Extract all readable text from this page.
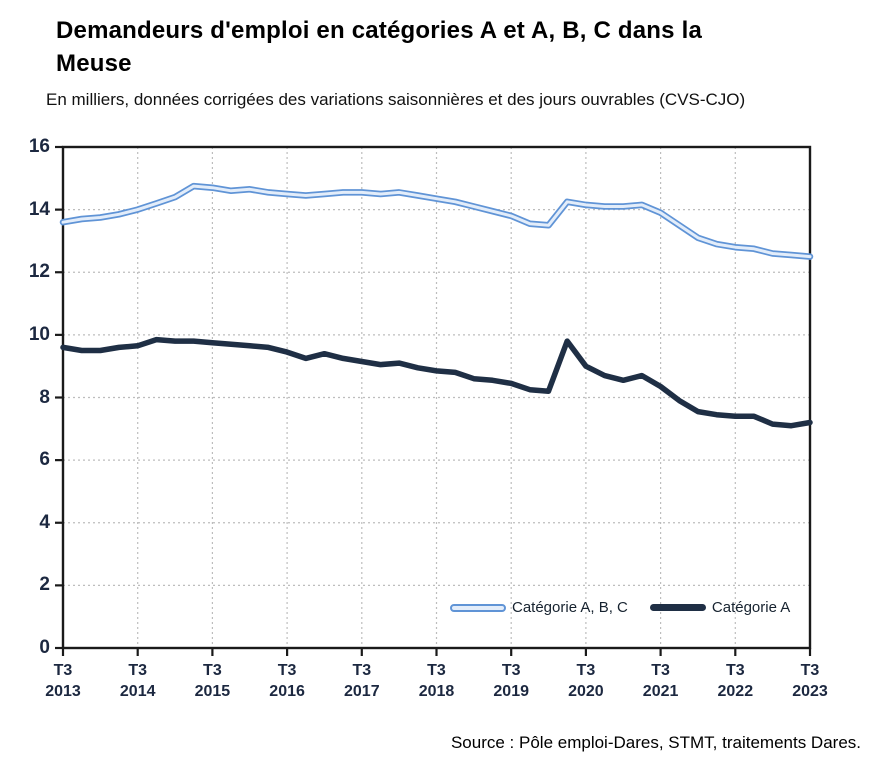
Demandeurs d'emploi en catégories A et A, B, C dans la
Meuse
En milliers, données corrigées des variations saisonnières et des jours ouvrables (CVS-CJO)
0
2
4
6
8
10
12
14
16
T3
2013
T3
2014
T3
2015
T3
2016
T3
2017
T3
2018
T3
2019
T3
2020
T3
2021
T3
2022
T3
2023
Catégorie A, B, C	Catégorie A
Source : Pôle emploi-Dares, STMT, traitements Dares.
